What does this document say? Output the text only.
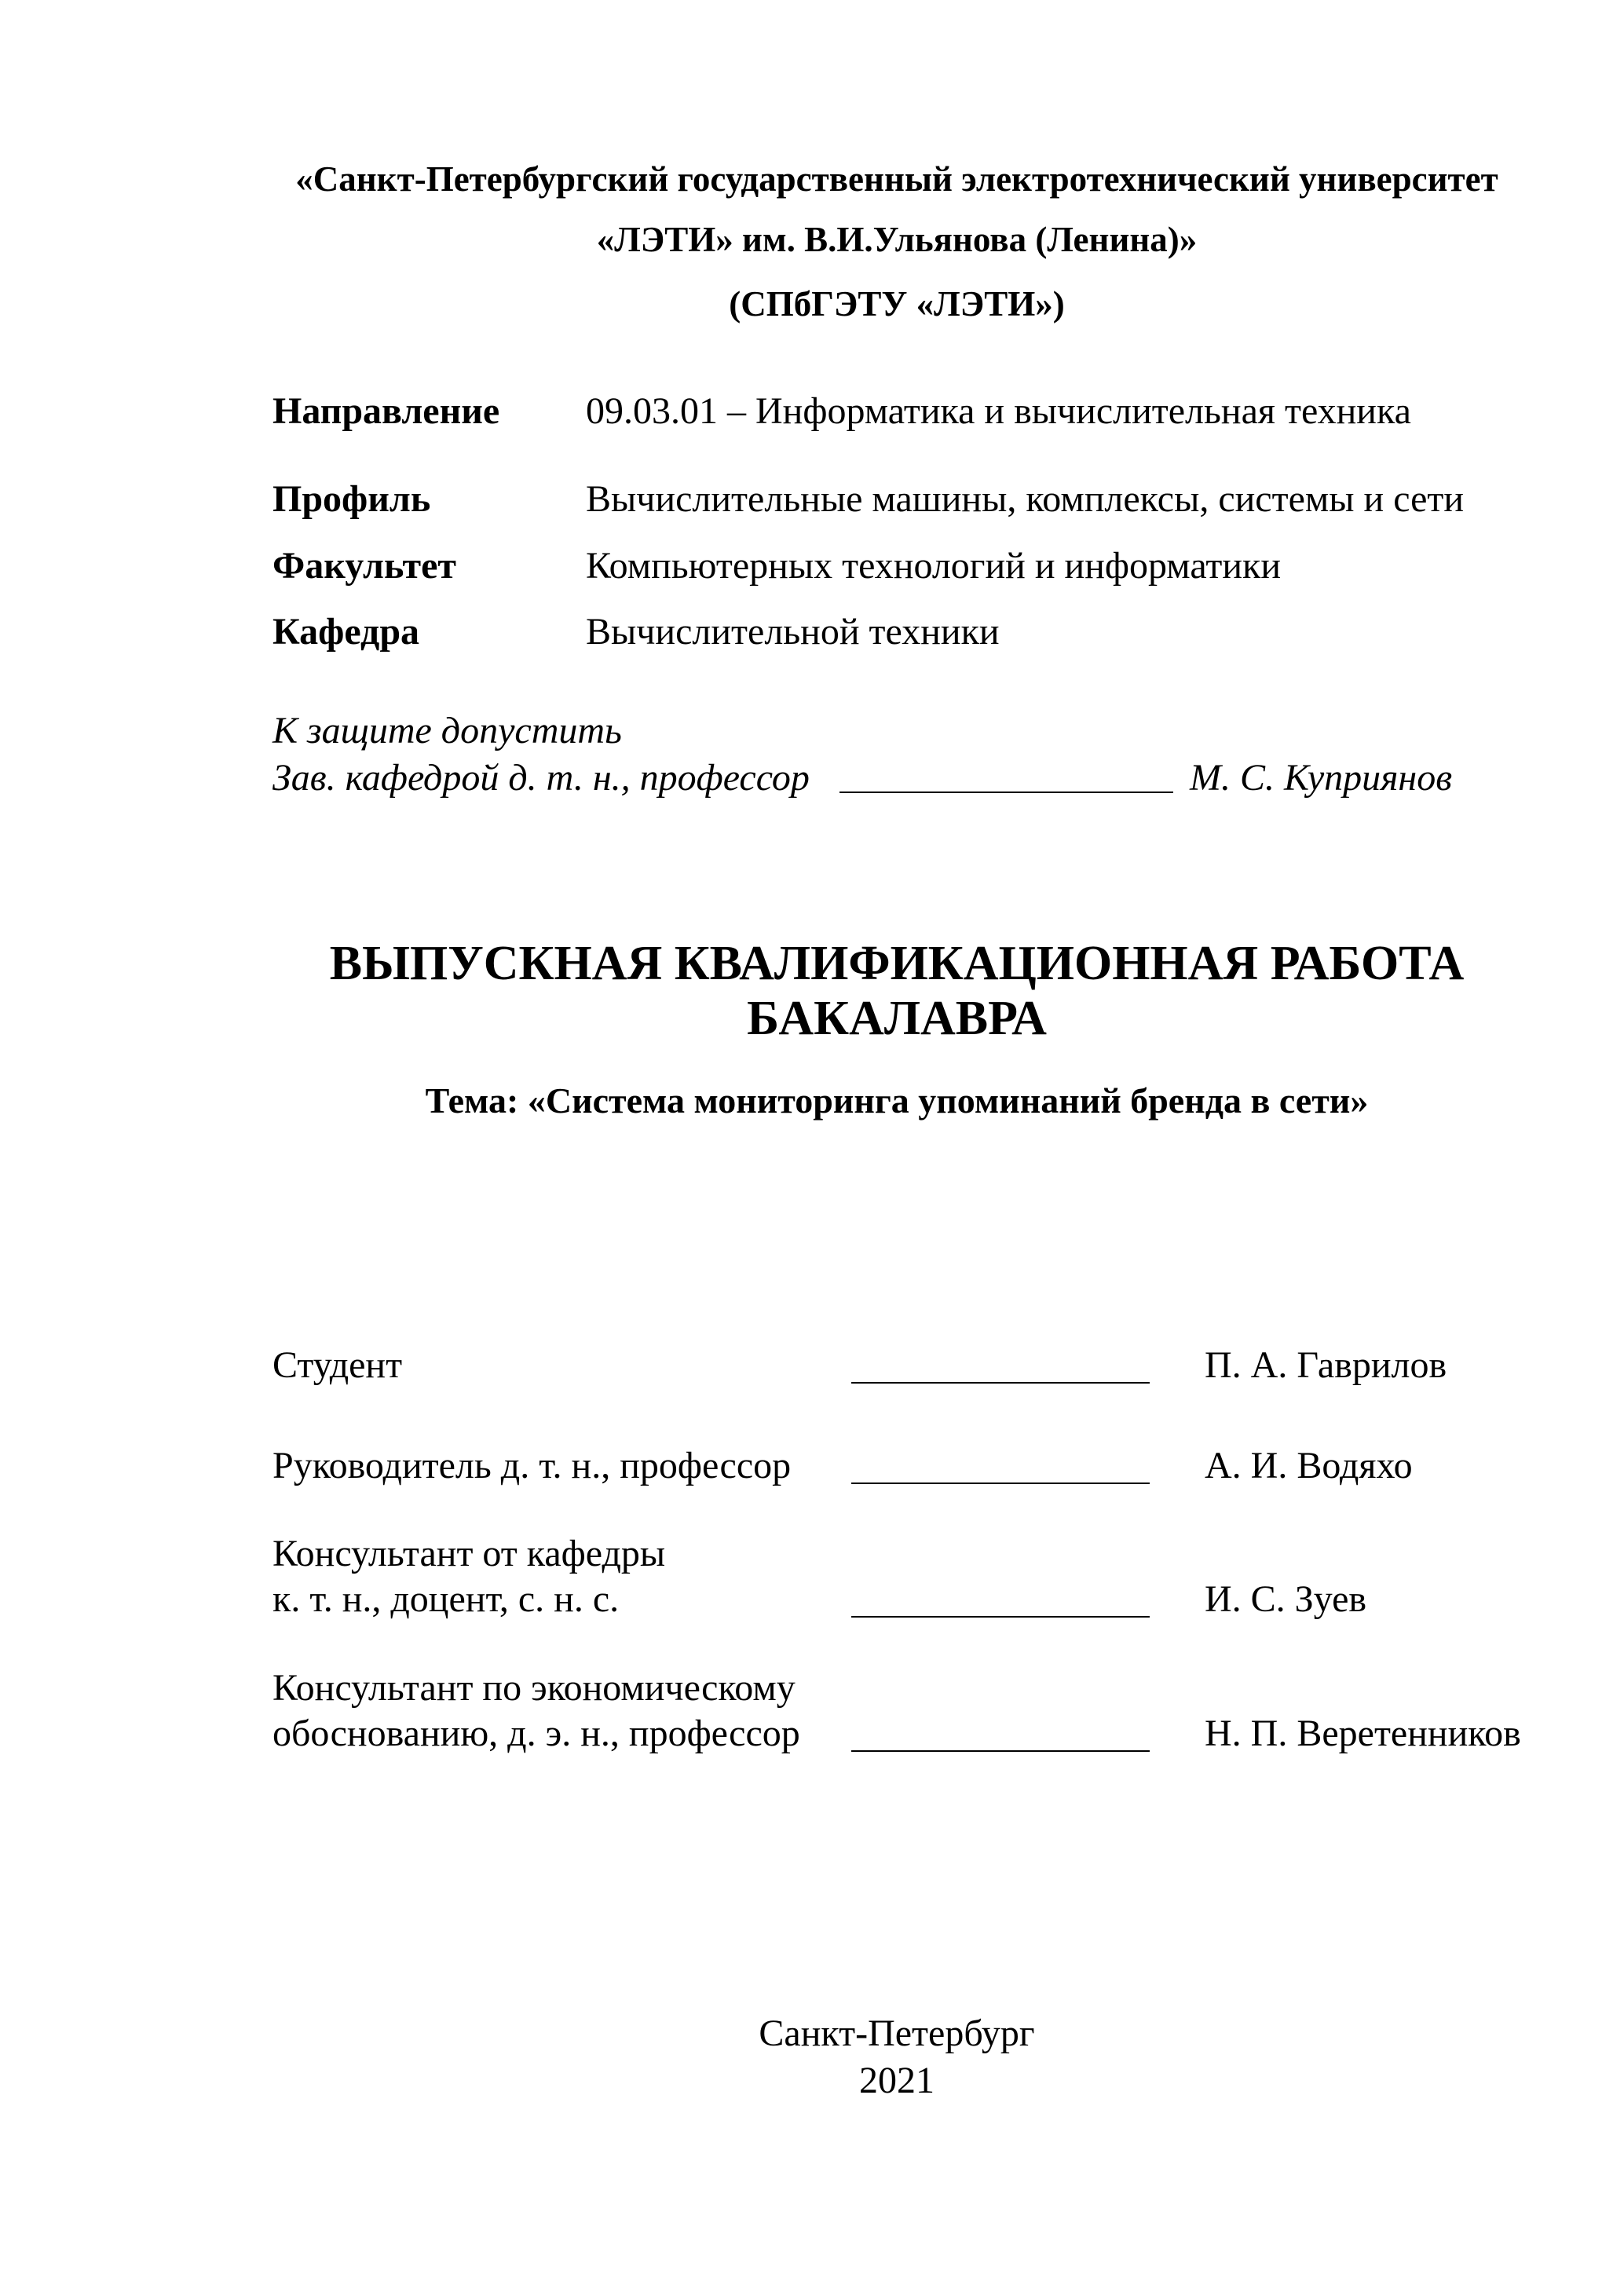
«Санкт-Петербургский государственный электротехнический университет
«ЛЭТИ» им. В.И.Ульянова (Ленина)»
(СПбГЭТУ «ЛЭТИ»)
Направление 09.03.01 – Информатика и вычислительная техника
Профиль	Вычислительные машины, комплексы, системы и сети
Факультет	Компьютерных технологий и информатики
Кафедра	Вычислительной техники
К защите допустить
Зав. кафедрой д. т. н., профессор	М. С. Куприянов
ВЫПУСКНАЯ КВАЛИФИКАЦИОННАЯ РАБОТА
БАКАЛАВРА
Тема: «Система мониторинга упоминаний бренда в сети»
Студент	П. А. Гаврилов
Руководитель д. т. н., профессор	А. И. Водяхо
Консультант от кафедры
к. т. н., доцент, с. н. с.	И. С. Зуев
Консультант по экономическому
обоснованию, д. э. н., профессор	Н. П. Веретенников
Санкт-Петербург
2021
